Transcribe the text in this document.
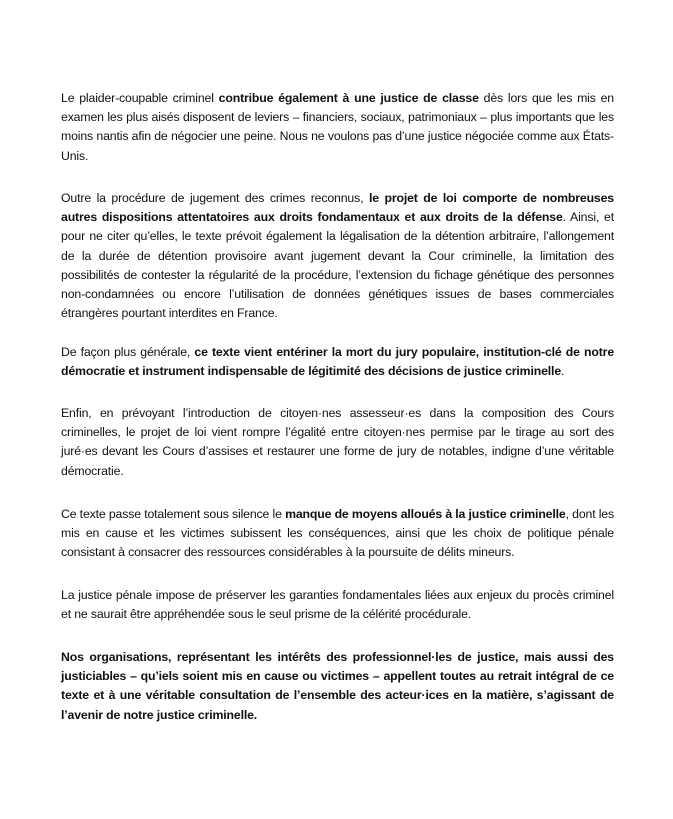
Le plaider-coupable criminel contribue également à une justice de classe dès lors que les mis en examen les plus aisés disposent de leviers – financiers, sociaux, patrimoniaux – plus importants que les moins nantis afin de négocier une peine. Nous ne voulons pas d’une justice négociée comme aux États-Unis.

Outre la procédure de jugement des crimes reconnus, le projet de loi comporte de nombreuses autres dispositions attentatoires aux droits fondamentaux et aux droits de la défense. Ainsi, et pour ne citer qu’elles, le texte prévoit également la légalisation de la détention arbitraire, l’allongement de la durée de détention provisoire avant jugement devant la Cour criminelle, la limitation des possibilités de contester la régularité de la procédure, l’extension du fichage génétique des personnes non-condamnées ou encore l’utilisation de données génétiques issues de bases commerciales étrangères pourtant interdites en France.

De façon plus générale, ce texte vient entériner la mort du jury populaire, institution-clé de notre démocratie et instrument indispensable de légitimité des décisions de justice criminelle.

Enfin, en prévoyant l’introduction de citoyen·nes assesseur·es dans la composition des Cours criminelles, le projet de loi vient rompre l’égalité entre citoyen·nes permise par le tirage au sort des juré·es devant les Cours d’assises et restaurer une forme de jury de notables, indigne d’une véritable démocratie.

Ce texte passe totalement sous silence le manque de moyens alloués à la justice criminelle, dont les mis en cause et les victimes subissent les conséquences, ainsi que les choix de politique pénale consistant à consacrer des ressources considérables à la poursuite de délits mineurs.

La justice pénale impose de préserver les garanties fondamentales liées aux enjeux du procès criminel et ne saurait être appréhendée sous le seul prisme de la célérité procédurale.

Nos organisations, représentant les intérêts des professionnel·les de justice, mais aussi des justiciables – qu’iels soient mis en cause ou victimes – appellent toutes au retrait intégral de ce texte et à une véritable consultation de l’ensemble des acteur·ices en la matière, s’agissant de l’avenir de notre justice criminelle.
